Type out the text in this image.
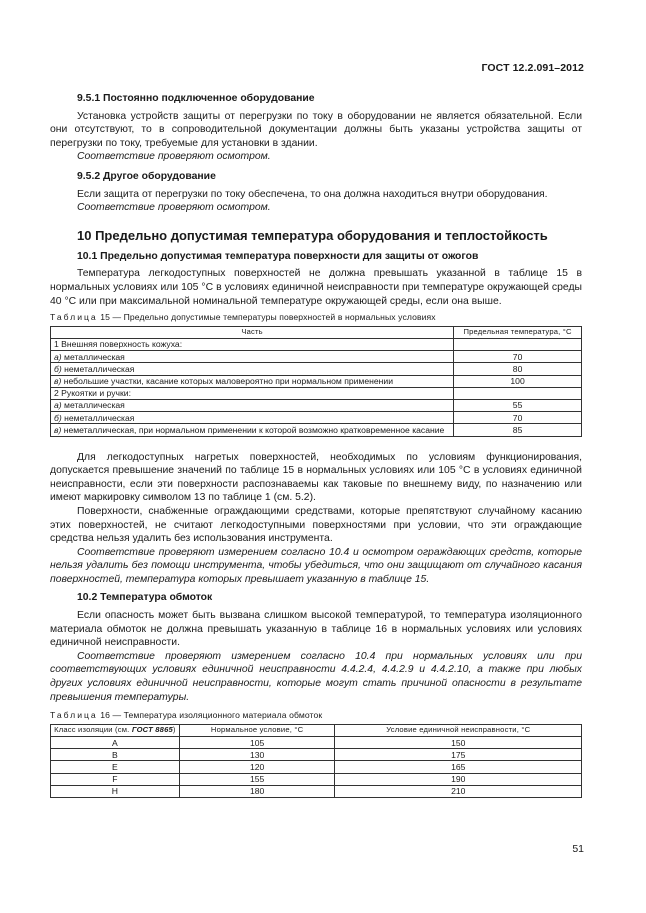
ГОСТ 12.2.091–2012
9.5.1 Постоянно подключенное оборудование

Установка устройств защиты от перегрузки по току в оборудовании не является обязательной. Если они отсутствуют, то в сопроводительной документации должны быть указаны устройства защиты от перегрузки по току, требуемые для установки в здании.

Соответствие проверяют осмотром.

9.5.2 Другое оборудование

Если защита от перегрузки по току обеспечена, то она должна находиться внутри оборудования.

Соответствие проверяют осмотром.

10 Предельно допустимая температура оборудования и теплостойкость
10.1 Предельно допустимая температура поверхности для защиты от ожогов

Температура легкодоступных поверхностей не должна превышать указанной в таблице 15 в нормальных условиях или 105 °С в условиях единичной неисправности при температуре окружающей среды 40 °С или при максимальной номинальной температуре окружающей среды, если она выше.

Таблица 15 — Предельно допустимые температуры поверхностей в нормальных условиях
Часть	Предельная температура, °С
1 Внешняя поверхность кожуха:	
а) металлическая	70
б) неметаллическая	80
в) небольшие участки, касание которых маловероятно при нормальном применении	100
2 Рукоятки и ручки:	
а) металлическая	55
б) неметаллическая	70
в) неметаллическая, при нормальном применении к которой возможно кратковременное касание	85

Для легкодоступных нагретых поверхностей, необходимых по условиям функционирования, допускается превышение значений по таблице 15 в нормальных условиях или 105 °С в условиях единичной неисправности, если эти поверхности распознаваемы как таковые по внешнему виду, по назначению или имеют маркировку символом 13 по таблице 1 (см. 5.2).

Поверхности, снабженные ограждающими средствами, которые препятствуют случайному касанию этих поверхностей, не считают легкодоступными поверхностями при условии, что эти ограждающие средства нельзя удалить без использования инструмента.

Соответствие проверяют измерением согласно 10.4 и осмотром ограждающих средств, которые нельзя удалить без помощи инструмента, чтобы убедиться, что они защищают от случайного касания поверхностей, температура которых превышает указанную в таблице 15.

10.2 Температура обмоток

Если опасность может быть вызвана слишком высокой температурой, то температура изоляционного материала обмоток не должна превышать указанную в таблице 16 в нормальных условиях или условиях единичной неисправности.

Соответствие проверяют измерением согласно 10.4 при нормальных условиях или при соответствующих условиях единичной неисправности 4.4.2.4, 4.4.2.9 и 4.4.2.10, а также при любых других условиях единичной неисправности, которые могут стать причиной опасности в результате превышения температуры.

Таблица 16 — Температура изоляционного материала обмоток
Класс изоляции (см. ГОСТ 8865)	Нормальное условие, °С	Условие единичной неисправности, °С
А	105	150
В	130	175
Е	120	165
F	155	190
Н	180	210
51
